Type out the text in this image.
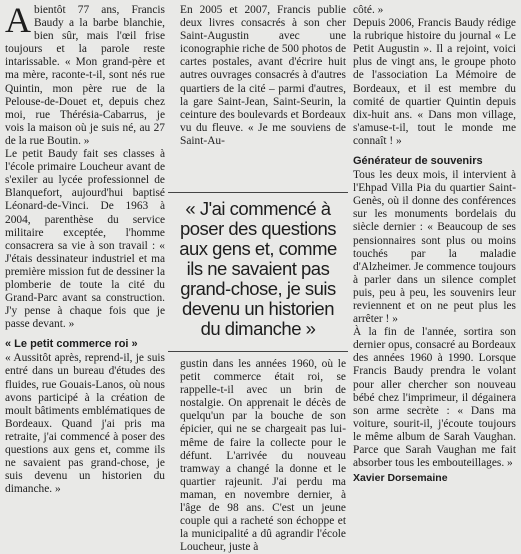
Abientôt 77 ans, Francis Baudy a la barbe blanchie, bien sûr, mais l'œil frise toujours et la parole reste intarissable. « Mon grand-père et ma mère, raconte-t-il, sont nés rue Quintin, mon père rue de la Pelouse-de-Douet et, depuis chez moi, rue Thérésia-Cabarrus, je vois la maison où je suis né, au 27 de la rue Boutin. »

Le petit Baudy fait ses classes à l'école primaire Loucheur avant de s'exiler au lycée professionnel de Blanquefort, aujourd'hui baptisé Léonard-de-Vinci. De 1963 à 2004, parenthèse du service militaire exceptée, l'homme consacrera sa vie à son travail : « J'étais dessinateur industriel et ma première mission fut de dessiner la plomberie de toute la cité du Grand-Parc avant sa construction. J'y pense à chaque fois que je passe devant. »

« Le petit commerce roi »

« Aussitôt après, reprend-il, je suis entré dans un bureau d'études des fluides, rue Gouais-Lanos, où nous avons participé à la création de moult bâtiments emblématiques de Bordeaux. Quand j'ai pris ma retraite, j'ai commencé à poser des questions aux gens et, comme ils ne savaient pas grand-chose, je suis devenu un historien du dimanche. »

En 2005 et 2007, Francis publie deux livres consacrés à son cher Saint-Augustin avec une iconographie riche de 500 photos de cartes postales, avant d'écrire huit autres ouvrages consacrés à d'autres quartiers de la cité – parmi d'autres, la gare Saint-Jean, Saint-Seurin, la ceinture des boulevards et Bordeaux vu du fleuve. « Je me souviens de Saint-Au-

« J'ai commencé à poser des questions aux gens et, comme ils ne savaient pas grand-chose, je suis devenu un historien du dimanche »

gustin dans les années 1960, où le petit commerce était roi, se rappelle-t-il avec un brin de nostalgie. On apprenait le décès de quelqu'un par la bouche de son épicier, qui ne se chargeait pas lui-même de faire la collecte pour le défunt. L'arrivée du nouveau tramway a changé la donne et le quartier rajeunit. J'ai perdu ma maman, en novembre dernier, à l'âge de 98 ans. C'est un jeune couple qui a racheté son échoppe et la municipalité a dû agrandir l'école Loucheur, juste à

côté. »

Depuis 2006, Francis Baudy rédige la rubrique histoire du journal « Le Petit Augustin ». Il a rejoint, voici plus de vingt ans, le groupe photo de l'association La Mémoire de Bordeaux, et il est membre du comité de quartier Quintin depuis dix-huit ans. « Dans mon village, s'amuse-t-il, tout le monde me connaît ! »

Générateur de souvenirs

Tous les deux mois, il intervient à l'Ehpad Villa Pia du quartier Saint-Genès, où il donne des conférences sur les monuments bordelais du siècle dernier : « Beaucoup de ses pensionnaires sont plus ou moins touchés par la maladie d'Alzheimer. Je commence toujours à parler dans un silence complet puis, peu à peu, les souvenirs leur reviennent et on ne peut plus les arrêter ! »

À la fin de l'année, sortira son dernier opus, consacré au Bordeaux des années 1960 à 1990. Lorsque Francis Baudy prendra le volant pour aller chercher son nouveau bébé chez l'imprimeur, il dégainera son arme secrète : « Dans ma voiture, sourit-il, j'écoute toujours le même album de Sarah Vaughan. Parce que Sarah Vaughan me fait absorber tous les embouteillages. »

Xavier Dorsemaine
